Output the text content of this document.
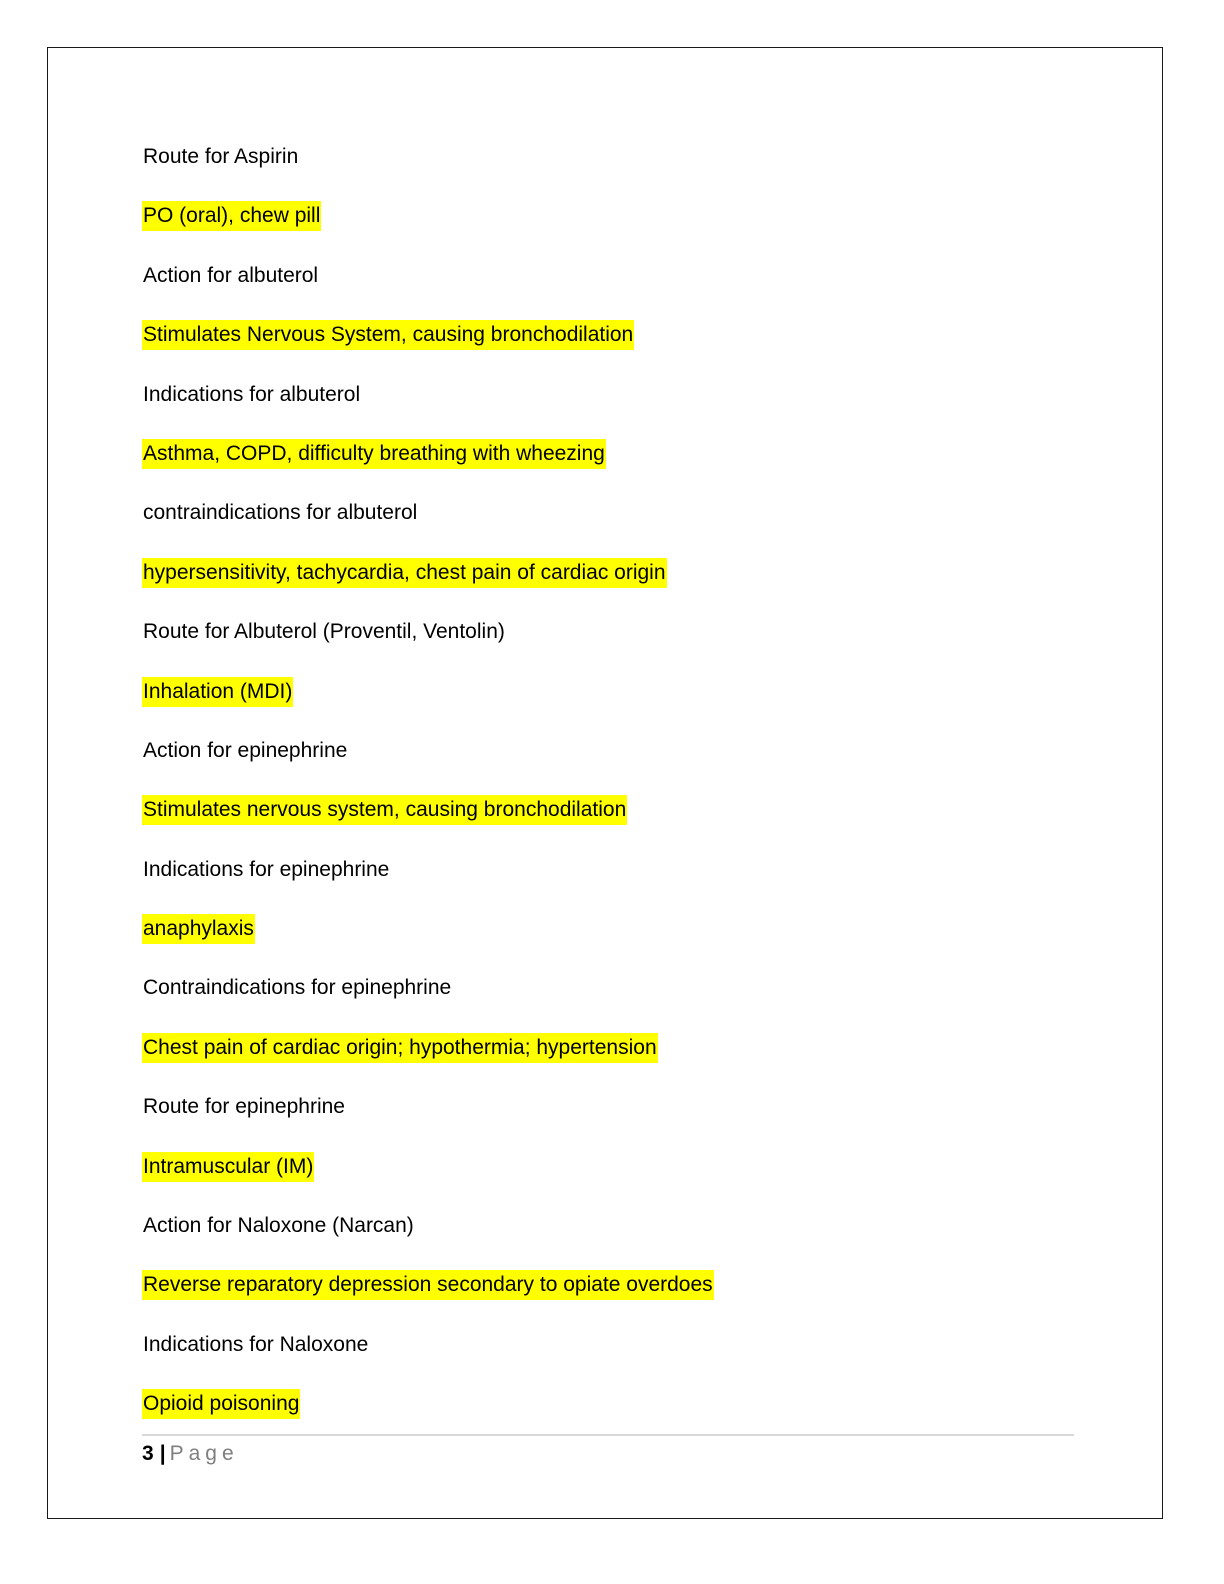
Route for Aspirin
PO (oral), chew pill
Action for albuterol
Stimulates Nervous System, causing bronchodilation
Indications for albuterol
Asthma, COPD, difficulty breathing with wheezing
contraindications for albuterol
hypersensitivity, tachycardia, chest pain of cardiac origin
Route for Albuterol (Proventil, Ventolin)
Inhalation (MDI)
Action for epinephrine
Stimulates nervous system, causing bronchodilation
Indications for epinephrine
anaphylaxis
Contraindications for epinephrine
Chest pain of cardiac origin; hypothermia; hypertension
Route for epinephrine
Intramuscular (IM)
Action for Naloxone (Narcan)
Reverse reparatory depression secondary to opiate overdoes
Indications for Naloxone
Opioid poisoning
3 | Page
